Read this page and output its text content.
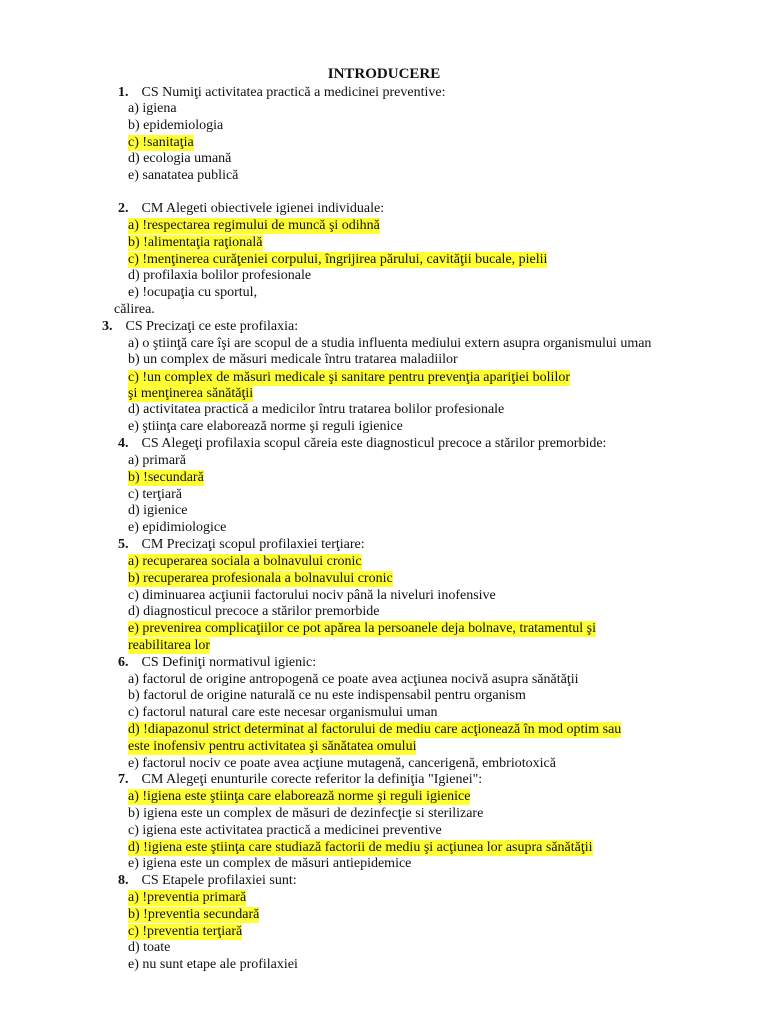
INTRODUCERE
1. CS Numiţi activitatea practică a medicinei preventive:
a) igiena
b) epidemiologia
c) !sanitaţia
d) ecologia umană
e) sanatatea publică
2. CM Alegeti obiectivele igienei individuale:
a) !respectarea regimului de muncă şi odihnă
b) !alimentaţia raţională
c) !menţinerea curăţeniei corpului, îngrijirea părului, cavităţii bucale, pielii
d) profilaxia bolilor profesionale
e) !ocupaţia cu sportul,
călirea.
3. CS Precizaţi ce este profilaxia:
a) o ştiinţă care îşi are scopul de a studia influenta mediului extern asupra organismului uman
b) un complex de măsuri medicale întru tratarea maladiilor
c) !un complex de măsuri medicale şi sanitare pentru prevenţia apariţiei bolilor
şi menţinerea sănătăţii
d) activitatea practică a medicilor întru tratarea bolilor profesionale
e) ştiinţa care elaborează norme şi reguli igienice
4. CS Alegeţi profilaxia scopul căreia este diagnosticul precoce a stărilor premorbide:
a) primară
b) !secundară
c) terţiară
d) igienice
e) epidimiologice
5. CM Precizaţi scopul profilaxiei terţiare:
a) recuperarea sociala a bolnavului cronic
b) recuperarea profesionala a bolnavului cronic
c) diminuarea acţiunii factorului nociv până la niveluri inofensive
d) diagnosticul precoce a stărilor premorbide
e) prevenirea complicaţiilor ce pot apărea la persoanele deja bolnave, tratamentul şi
reabilitarea lor
6. CS Definiţi normativul igienic:
a) factorul de origine antropogenă ce poate avea acţiunea nocivă asupra sănătăţii
b) factorul de origine naturală ce nu este indispensabil pentru organism
c) factorul natural care este necesar organismului uman
d) !diapazonul strict determinat al factorului de mediu care acţionează în mod optim sau
este inofensiv pentru activitatea şi sănătatea omului
e) factorul nociv ce poate avea acţiune mutagenă, cancerigenă, embriotoxică
7. CM Alegeţi enunturile corecte referitor la definiţia "Igienei":
a) !igiena este ştiinţa care elaborează norme şi reguli igienice
b) igiena este un complex de măsuri de dezinfecţie si sterilizare
c) igiena este activitatea practică a medicinei preventive
d) !igiena este ştiinţa care studiază factorii de mediu şi acţiunea lor asupra sănătăţii
e) igiena este un complex de măsuri antiepidemice
8. CS Etapele profilaxiei sunt:
a) !preventia primară
b) !preventia secundară
c) !preventia terţiară
d) toate
e) nu sunt etape ale profilaxiei
